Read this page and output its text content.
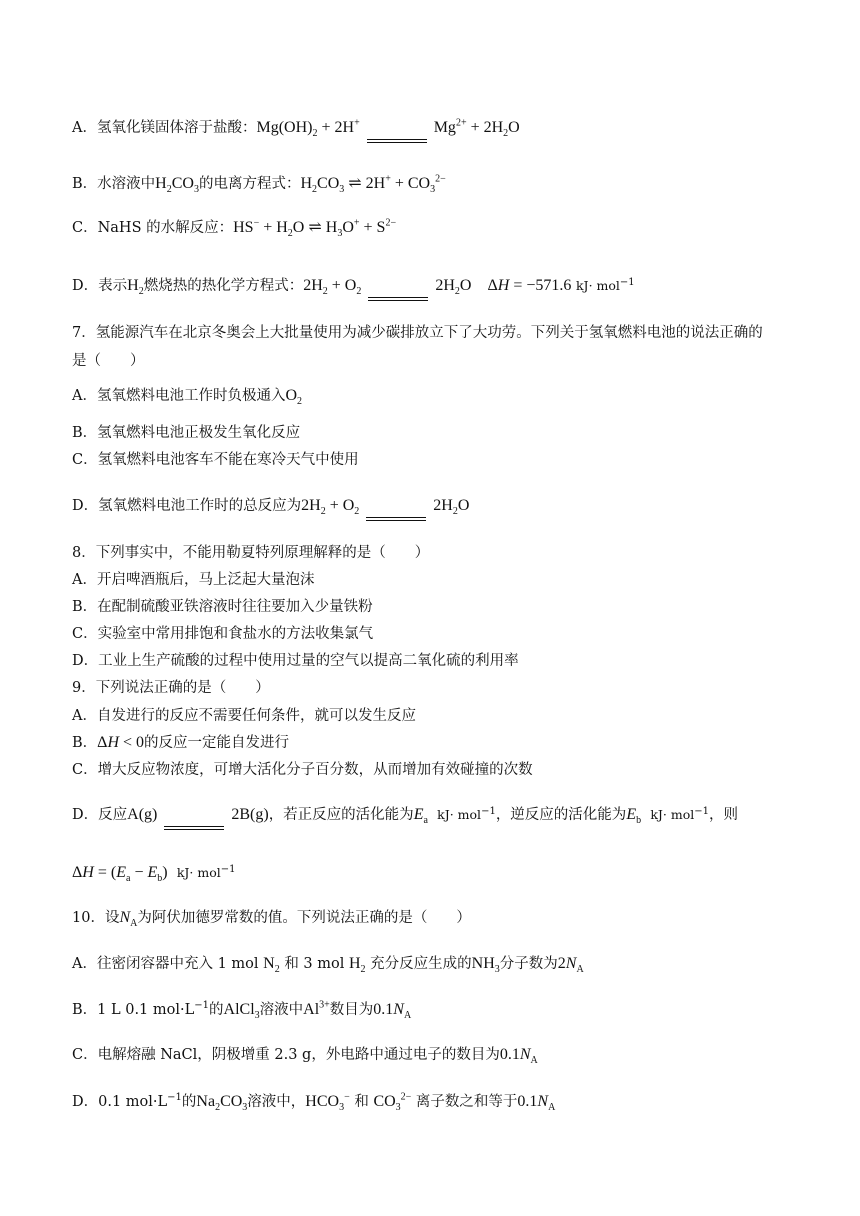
A．氢氧化镁固体溶于盐酸：$Mg(OH)_2 + 2H^+$	$Mg^{2+} + 2H_2O$
B．水溶液中$H_2CO_3$的电离方程式：$H_2CO_3$ ⇌ $2H^+ + CO_3^{2-}$
C．NaHS 的水解反应：$HS^- + H_2O$ ⇌ $H_3O^+ + S^{2-}$
D．表示$H_2$燃烧热的热化学方程式：$2H_2 + O_2$	$2H_2O$    ΔH = −571.6 kJ· mol$^{-1}$
7．氢能源汽车在北京冬奥会上大批量使用为减少碳排放立下了大功劳。下列关于氢氧燃料电池的说法正确的
是（　　）
A．氢氧燃料电池工作时负极通入$O_2$
B．氢氧燃料电池正极发生氧化反应
C．氢氧燃料电池客车不能在寒冷天气中使用
D．氢氧燃料电池工作时的总反应为$2H_2 + O_2$	$2H_2O$
8．下列事实中，不能用勒夏特列原理解释的是（　　）
A．开启啤酒瓶后，马上泛起大量泡沫
B．在配制硫酸亚铁溶液时往往要加入少量铁粉
C．实验室中常用排饱和食盐水的方法收集氯气
D．工业上生产硫酸的过程中使用过量的空气以提高二氧化硫的利用率
9．下列说法正确的是（　　）
A．自发进行的反应不需要任何条件，就可以发生反应
B．ΔH < 0的反应一定能自发进行
C．增大反应物浓度，可增大活化分子百分数，从而增加有效碰撞的次数
D．反应A(g)	2B(g)，若正反应的活化能为$E_a$ kJ· mol$^{-1}$，逆反应的活化能为$E_b$ kJ· mol$^{-1}$，则
$\Delta H = (E_a - E_b)$ kJ· mol$^{-1}$
10．设$N_A$为阿伏加德罗常数的值。下列说法正确的是（　　）
A．往密闭容器中充入 1 mol $N_2$ 和 3 mol $H_2$ 充分反应生成的$NH_3$分子数为$2N_A$
B．1 L 0.1 $mol\cdot L^{-1}$的AlCl$_3$溶液中$Al^{3+}$数目为$0.1N_A$
C．电解熔融 NaCl，阴极增重 2.3 g，外电路中通过电子的数目为$0.1N_A$
D．0.1 $mol\cdot L^{-1}$的$Na_2CO_3$溶液中，$HCO_3^-$ 和 $CO_3^{2-}$ 离子数之和等于$0.1N_A$
